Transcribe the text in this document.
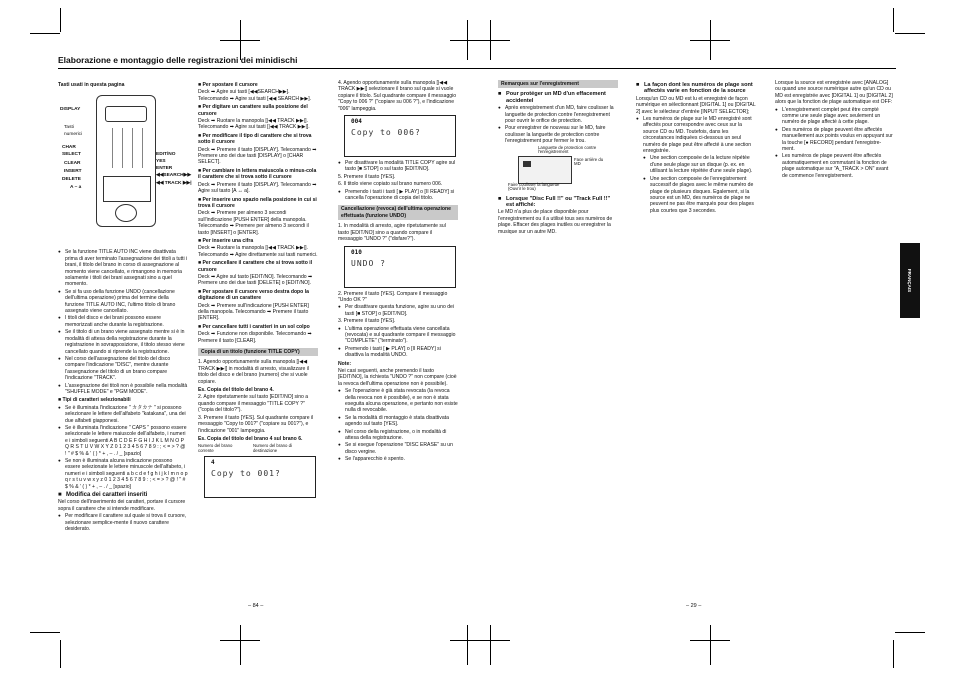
Elaborazione e montaggio delle registrazioni dei minidischi
FRANÇAIS
Tasti usati in questa pagina
DISPLAY
Tasti numerici
CHAR SELECT
CLEAR
INSERT
DELETE
A – a
EDIT/NO
YES
ENTER
◀◀SEARCH▶▶
◀◀ TRACK ▶▶|

● Se la funzione TITLE AUTO INC viene disattivata prima di aver terminato l'assegnazione dei titoli a tutti i brani, il titolo del brano in corso di assegnazione al momento viene cancellato, e rimangono in memoria solamente i titoli dei brani assegnati sino a quel momento.

● Se si fa uso della funzione UNDO (cancellazione dell'ultima operazione) prima del termine della funzione TITLE AUTO INC, l'ultimo titolo di brano assegnato viene cancellato.

● I titoli del disco e dei brani possono essere memorizzati anche durante la registrazione.

● Se il titolo di un brano viene assegnato mentre si è in modalità di attesa della registrazione durante la registrazione in sovrapposizione, il titolo stesso viene cancellato quando si riprende la registrazione.

● Nel corso dell'assegnazione del titolo del disco compare l'indicazione "DISC", mentre durante l'assegnazione del titolo di un brano compare l'indicazione "TRACK".

● L'assegnazione dei titoli non è possibile nella modalità "SHUFFLE MODE" e "PGM MODE".

■ Tipi di caratteri selezionabili

● Se è illuminata l'indicazione " カタカナ " si possono selezionare le lettere dell'alfabeto "katakana", una dei due alfabeti giapponesi.

● Se è illuminata l'indicazione " CAPS " possono essere selezionate le lettere maiuscole dell'alfabeto, i numeri e i simboli seguenti A B C D E F G H I J K L M N O P Q R S T U V W X Y Z 0 1 2 3 4 5 6 7 8 9 : ; < = > ? @ ! " # $ % & ' ( ) * + , – . / _ [spazio]

● Se non è illuminata alcuna indicazione possono essere selezionate le lettere minuscole dell'alfabeto, i numeri e i simboli seguenti a b c d e f g h i j k l m n o p q r s t u v w x y z 0 1 2 3 4 5 6 7 8 9 : ; < = > ? @ ! " # $ % & ' ( ) * + , – . / _ [spazio]

■ Modifica dei caratteri inseriti

Nel corso dell'inserimento dei caratteri, portare il cursore sopra il carattere che si intende modificare.

● Per modificare il carattere sul quale si trova il cursore, selezionare semplice-mente il nuovo carattere desiderato.

■ Per spostare il cursore

Deck ➡ Agire sui tasti [◀◀SEARCH▶▶]. Telecomando ➡ Agire sui tasti [◀◀ SEARCH ▶▶].

■ Per digitare un carattere sulla posizione del cursore

Deck ➡ Ruotare la manopola [|◀◀ TRACK ▶▶|]. Telecomando ➡ Agire sui tasti [|◀◀ TRACK ▶▶|].

■ Per modificare il tipo di carattere che si trova sotto il cursore

Deck ➡ Premere il tasto [DISPLAY]. Telecomando ➡ Premere uno dei due tasti [DISPLAY] o [CHAR SELECT].

■ Per cambiare in lettera maiuscola o minus-cola il carattere che si trova sotto il cursore

Deck ➡ Premere il tasto [DISPLAY]. Telecomando ➡ Agire sul tasto [A ↔ a].

■ Per inserire uno spazio nella posizione in cui si trova il cursore

Deck ➡ Premere per almeno 3 secondi sull'indicazione [PUSH ENTER] della manopola. Telecomando ➡ Premere per almeno 3 secondi il tasto [INSERT] o [ENTER].

■ Per inserire una cifra

Deck ➡ Ruotare la manopola [|◀◀ TRACK ▶▶|]. Telecomando ➡ Agire direttamente sui tasti numerici.

■ Per cancellare il carattere che si trova sotto il cursore

Deck ➡ Agire sul tasto [EDIT/NO]. Telecomando ➡ Premere uno dei due tasti [DELETE] o [EDIT/NO].

■ Per spostare il cursore verso destra dopo la digitazione di un carattere

Deck ➡ Premere sull'indicazione [PUSH ENTER] della manopola. Telecomando ➡ Premere il tasto [ENTER].

■ Per cancellare tutti i caratteri in un sol colpo

Deck ➡ Funzione non disponibile. Telecomando ➡ Premere il tasto [CLEAR].

Copia di un titolo (funzione TITLE COPY)

1. Agendo opportunamente sulla manopola [|◀◀ TRACK ▶▶|] in modalità di arresto, visualizzare il titolo del disco e del brano (numero) che si vuole copiare.

Es. Copia del titolo del brano 4.

2. Agire ripetutamente sul tasto [EDIT/NO] sino a quando compare il messaggio "TITLE COPY ?" ("copia del titolo?").

3. Premere il tasto [YES]. Sul quadrante compare il messaggio "Copy to 001?" ("copiare su 001?"), e l'indicazione "001" lampeggia.

Es. Copia del titolo del brano 4 sul brano 6.
Numero del brano corrente
Numero del brano di destinazione
4
Copy to 001?

4. Agendo opportunamente sulla manopola [|◀◀ TRACK ▶▶|] selezionare il brano sul quale si vuole copiare il titolo. Sul quadrante compare il messaggio "Copy to 006 ?" ("copiare su 006 ?"), e l'indicazione "006" lampeggia.

004
Copy to 006?

● Per disattivare la modalità TITLE COPY agire sul tasto [■ STOP] o sul tasto [EDIT/NO].

5. Premere il tasto [YES].

6. Il titolo viene copiato sul brano numero 006.

● Premendo i tasti i tasti [ ▶ PLAY] o [II READY] si cancella l'operazione di copia del titolo.

Cancellazione (revoca) dell'ultima operazione effettuata (funzione UNDO)

1. In modalità di arresto, agire ripetutamente sul tasto [EDIT/NO] sino a quando compare il messaggio "UNDO ?" ("disfare?").

010
UNDO ?

2. Premere il tasto [YES]. Compare il messaggio "Undo OK ?"

● Per disattivare questa funzione, agire su uno dei tasti [■ STOP] o [EDIT/NO].

3. Premere il tasto [YES].

● L'ultima operazione effettuata viene cancellata (revocata) e sul quadrante compare il messaggio "COMPLETE" ("terminato").

● Premendo i tasti [ ▶ PLAY] o [II READY] si disattiva la modalità UNDO.

Note:

Nei casi seguenti, anche premendo il tasto [EDIT/NO], la richiesta "UNDO ?" non compare (cioè la revoca dell'ultima operazione non è possibile).

● Se l'operazione è già stata revocata (la revoca della revoca non è possibile), e se non è stata eseguita alcuna operazione, e pertanto non esiste nulla di revocabile.

● Se la modalità di montaggio è stata disattivata agendo sul tasto [YES].

● Nel corso della registrazione, o in modalità di attesa della registrazione.

● Se si esegue l'operazione "DISC ERASE" su un disco vergine.

● Se l'apparecchio è spento.

Remarques sur l'enregistrement
■ Pour protéger un MD d'un effacement accidentel

● Après enregistrement d'un MD, faire coulisser la languette de protection contre l'enregistrement pour ouvrir le orifice de protection.

● Pour enregistrer de nouveau sur le MD, faire coulisser la languette de protection contre l'enregistrement pour fermer le trou.

Languette de protection contre l'enregistrement
Face arrière du MD
Faire coulisser la languette (Ouvrir le trou)
■ Lorsque "Disc Full !!" ou "Track Full !!" est affiché:

Le MD n'a plus de place disponible pour l'enregistrement ou il a utilisé tous ses numéros de plage. Effacer des plages inutiles ou enregistrer la musique sur un autre MD.

■ La façon dont les numéros de plage sont affectés varie en fonction de la source

Lorsqu'un CD ou MD est lu et enregistré de façon numérique en sélectionnant [DIGITAL 1] ou [DIGITAL 2] avec le sélecteur d'entrée [INPUT SELECTOR];

● Les numéros de plage sur le MD enregistré sont affectés pour correspondre avec ceux sur la source CD ou MD. Toutefois, dans les circonstances indiquées ci-dessous un seul numéro de plage peut être affecté à une section enregistrée.

● Une section composée de la lecture répétée d'une seule plage sur un disque (p. ex. en utilisant la lecture répétée d'une seule plage).

● Une section composée de l'enregistrement successif de plages avec le même numéro de plage de plusieurs disques. Egalement, si la source est un MD, des numéros de plage ne peuvent ne pas être marqués pour des plages plus courtes que 3 secondes.

Lorsque la source est enregistrée avec [ANALOG] ou quand une source numérique autre qu'un CD ou MD est enregistrée avec [DIGITAL 1] ou [DIGITAL 2] alors que la fonction de plage automatique est OFF:

● L'enregistrement complet peut être compté comme une seule plage avec seulement un numéro de plage affecté à cette plage.

● Des numéros de plage peuvent être affectés manuellement aux points voulus en appuyant sur la touche [● RECORD] pendant l'enregistre-ment.

● Les numéros de plage peuvent être affectés automatiquement en commutant la fonction de plage automatique sur "A_TRACK > ON" avant de commence l'enregistrement.

– 84 –	– 29 –
